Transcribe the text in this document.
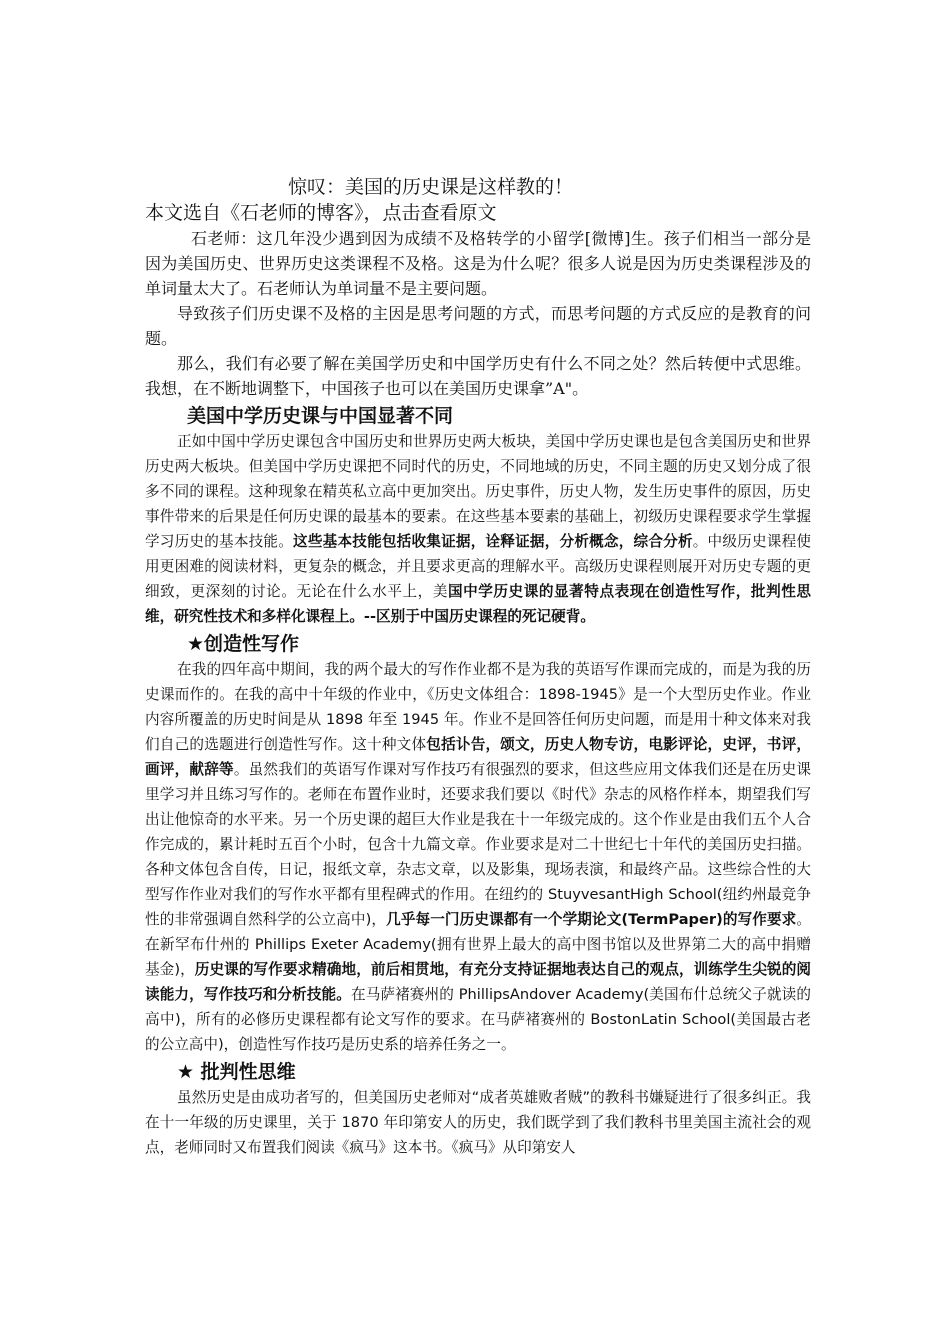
惊叹：美国的历史课是这样教的！

本文选自《石老师的博客》，点击查看原文

石老师：这几年没少遇到因为成绩不及格转学的小留学[微博]生。孩子们相当一部分是因为美国历史、世界历史这类课程不及格。这是为什么呢？很多人说是因为历史类课程涉及的单词量太大了。石老师认为单词量不是主要问题。

导致孩子们历史课不及格的主因是思考问题的方式，而思考问题的方式反应的是教育的问题。

那么，我们有必要了解在美国学历史和中国学历史有什么不同之处？然后转便中式思维。我想，在不断地调整下，中国孩子也可以在美国历史课拿”A"。

美国中学历史课与中国显著不同

正如中国中学历史课包含中国历史和世界历史两大板块，美国中学历史课也是包含美国历史和世界历史两大板块。但美国中学历史课把不同时代的历史，不同地域的历史，不同主题的历史又划分成了很多不同的课程。这种现象在精英私立高中更加突出。历史事件，历史人物，发生历史事件的原因，历史事件带来的后果是任何历史课的最基本的要素。在这些基本要素的基础上，初级历史课程要求学生掌握学习历史的基本技能。这些基本技能包括收集证据，诠释证据，分析概念，综合分析。中级历史课程使用更困难的阅读材料，更复杂的概念，并且要求更高的理解水平。高级历史课程则展开对历史专题的更细致，更深刻的讨论。无论在什么水平上，美国中学历史课的显著特点表现在创造性写作，批判性思维，研究性技术和多样化课程上。--区别于中国历史课程的死记硬背。

★创造性写作

在我的四年高中期间，我的两个最大的写作作业都不是为我的英语写作课而完成的，而是为我的历史课而作的。在我的高中十年级的作业中，《历史文体组合：1898-1945》是一个大型历史作业。作业内容所覆盖的历史时间是从 1898 年至 1945 年。作业不是回答任何历史问题，而是用十种文体来对我们自己的选题进行创造性写作。这十种文体包括讣告，颂文，历史人物专访，电影评论，史评，书评，画评，献辞等。虽然我们的英语写作课对写作技巧有很强烈的要求，但这些应用文体我们还是在历史课里学习并且练习写作的。老师在布置作业时，还要求我们要以《时代》杂志的风格作样本，期望我们写出让他惊奇的水平来。另一个历史课的超巨大作业是我在十一年级完成的。这个作业是由我们五个人合作完成的，累计耗时五百个小时，包含十九篇文章。作业要求是对二十世纪七十年代的美国历史扫描。各种文体包含自传，日记，报纸文章，杂志文章，以及影集，现场表演，和最终产品。这些综合性的大型写作作业对我们的写作水平都有里程碑式的作用。在纽约的 StuyvesantHigh School(纽约州最竞争性的非常强调自然科学的公立高中)，几乎每一门历史课都有一个学期论文(TermPaper)的写作要求。在新罕布什州的 Phillips Exeter Academy(拥有世界上最大的高中图书馆以及世界第二大的高中捐赠基金)，历史课的写作要求精确地，前后相贯地，有充分支持证据地表达自己的观点，训练学生尖锐的阅读能力，写作技巧和分析技能。在马萨褚赛州的 PhillipsAndover Academy(美国布什总统父子就读的高中)，所有的必修历史课程都有论文写作的要求。在马萨褚赛州的 BostonLatin School(美国最古老的公立高中)，创造性写作技巧是历史系的培养任务之一。

★ 批判性思维

虽然历史是由成功者写的，但美国历史老师对“成者英雄败者贼”的教科书嫌疑进行了很多纠正。我在十一年级的历史课里，关于 1870 年印第安人的历史，我们既学到了我们教科书里美国主流社会的观点，老师同时又布置我们阅读《疯马》这本书。《疯马》从印第安人
